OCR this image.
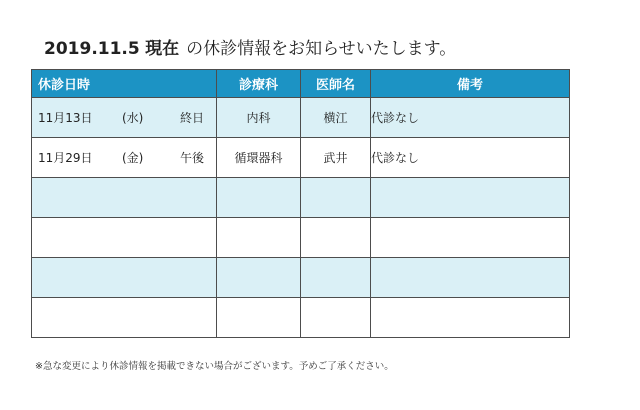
2019.11.5 現在 の休診情報をお知らせいたします。
休診日時	診療科	医師名	備考

11月13日 (水) 終日	内科	横江	代診なし

11月29日 (金) 午後	循環器科	武井	代診なし

※急な変更により休診情報を掲載できない場合がございます。予めご了承ください。
